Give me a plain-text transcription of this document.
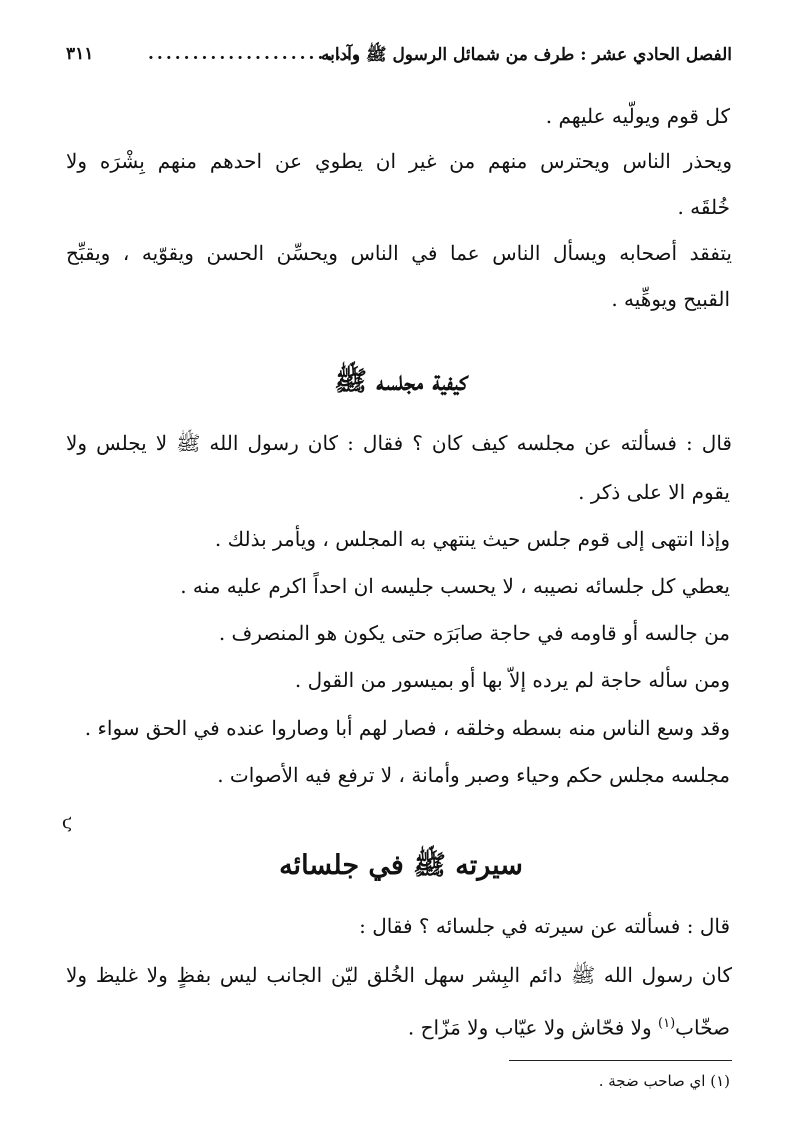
الفصل الحادي عشر : طرف من شمائل الرسول ﷺ وآدابه
........................
٣١١
كل قوم ويولّيه عليهم .
ويحذر الناس ويحترس منهم من غير ان يطوي عن احدهم منهم بِشْرَه ولا
خُلقَه .
يتفقد أصحابه ويسأل الناس عما في الناس ويحسِّن الحسن ويقوّيه ، ويقبِّح
القبيح ويوهِّيه .
كيفية مجلسه ﷺ
قال : فسألته عن مجلسه كيف كان ؟ فقال : كان رسول الله ﷺ لا يجلس ولا
يقوم الا على ذكر .
وإذا انتهى إلى قوم جلس حيث ينتهي به المجلس ، ويأمر بذلك .
يعطي كل جلسائه نصيبه ، لا يحسب جليسه ان احداً اكرم عليه منه .
من جالسه أو قاومه في حاجة صابَرَه حتى يكون هو المنصرف .
ومن سأله حاجة لم يرده إلاّ بها أو بميسور من القول .
وقد وسع الناس منه بسطه وخلقه ، فصار لهم أبا وصاروا عنده في الحق سواء .
مجلسه مجلس حكم وحياء وصبر وأمانة ، لا ترفع فيه الأصوات .
ϛ
سيرته ﷺ في جلسائه
قال : فسألته عن سيرته في جلسائه ؟ فقال :
كان رسول الله ﷺ دائم البِشر سهل الخُلق ليّن الجانب ليس بفظٍ ولا غليظ ولا
صخّاب$^{(١)}$ ولا فحّاش ولا عيّاب ولا مَزّاح .
(١) اي صاحب ضجة .
